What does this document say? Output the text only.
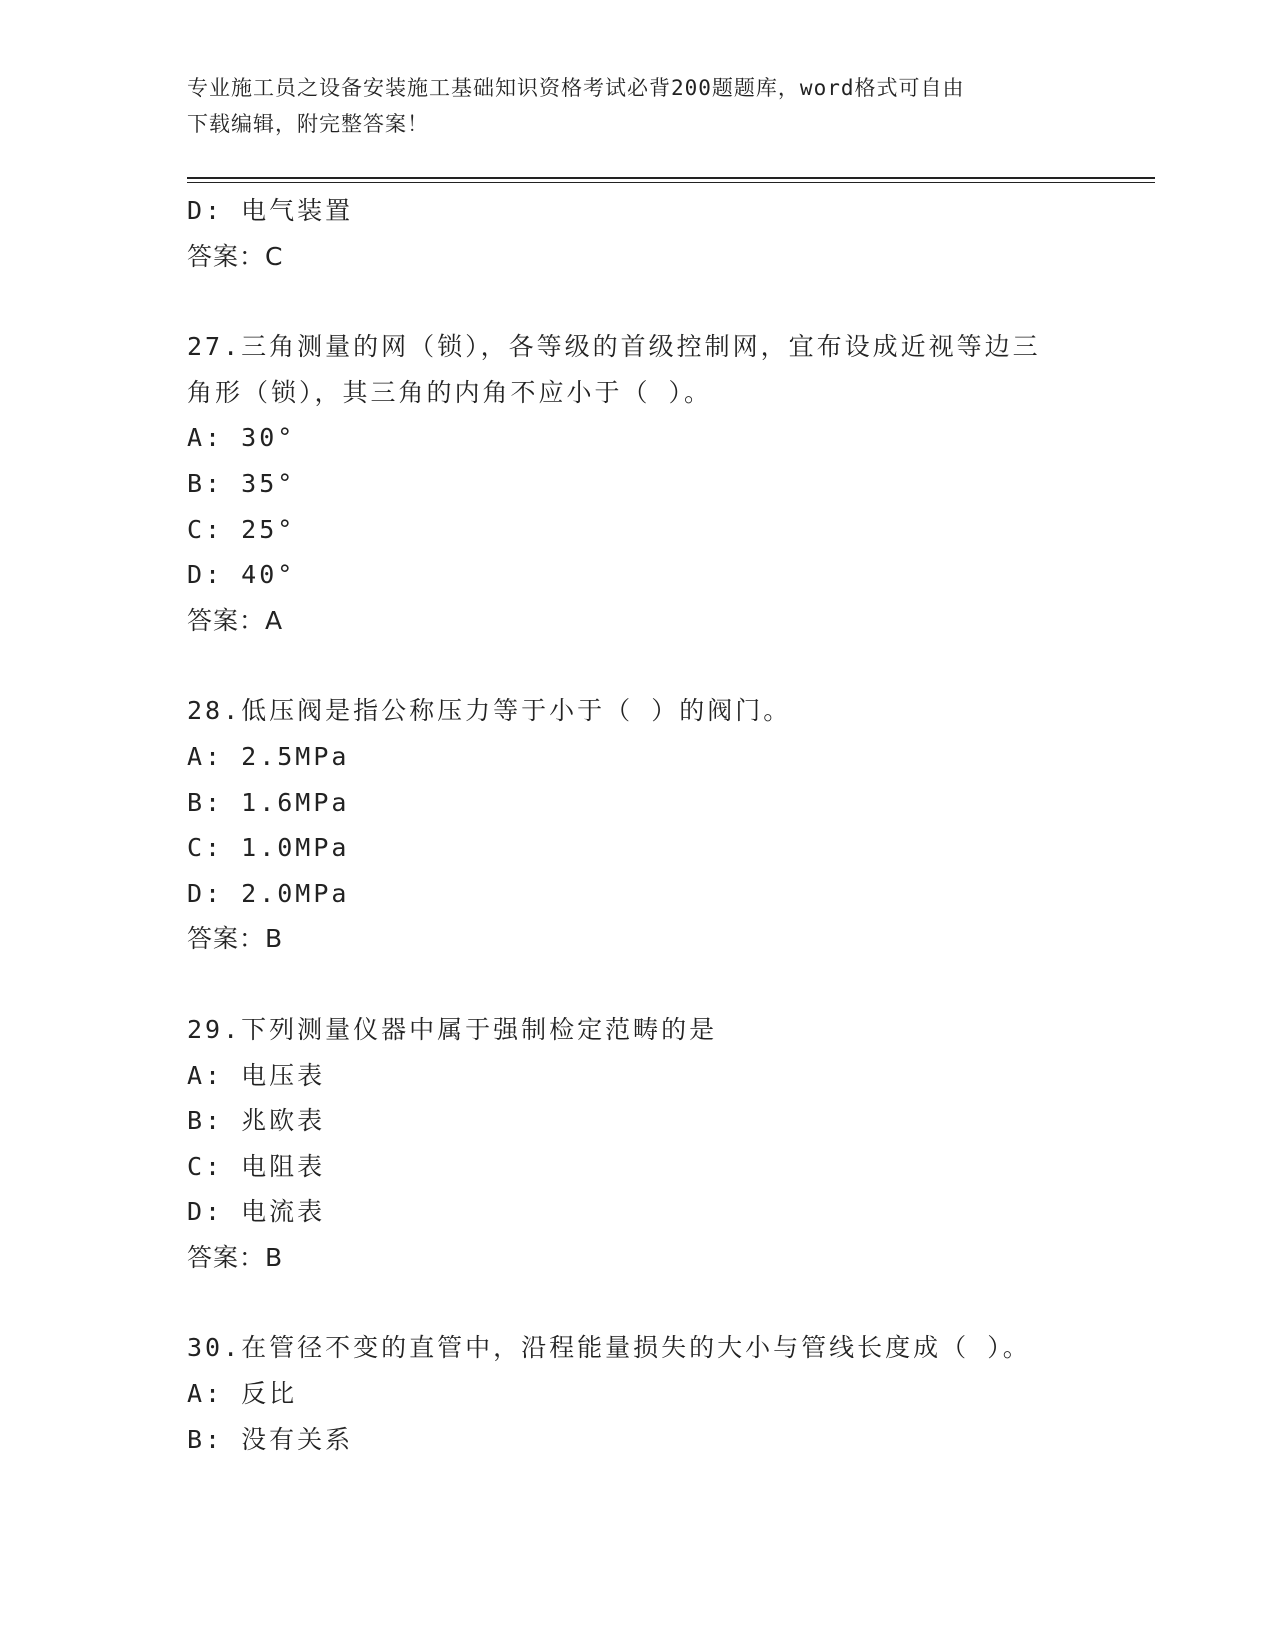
专业施工员之设备安装施工基础知识资格考试必背200题题库，word格式可自由
下载编辑，附完整答案！

D: 电气装置

答案：C

27.三角测量的网（锁），各等级的首级控制网，宜布设成近视等边三

角形（锁），其三角的内角不应小于（ ）。

A: 30°

B: 35°

C: 25°

D: 40°

答案：A

28.低压阀是指公称压力等于小于（ ）的阀门。

A: 2.5MPa

B: 1.6MPa

C: 1.0MPa

D: 2.0MPa

答案：B

29.下列测量仪器中属于强制检定范畴的是

A: 电压表

B: 兆欧表

C: 电阻表

D: 电流表

答案：B

30.在管径不变的直管中，沿程能量损失的大小与管线长度成（ ）。

A: 反比

B: 没有关系
